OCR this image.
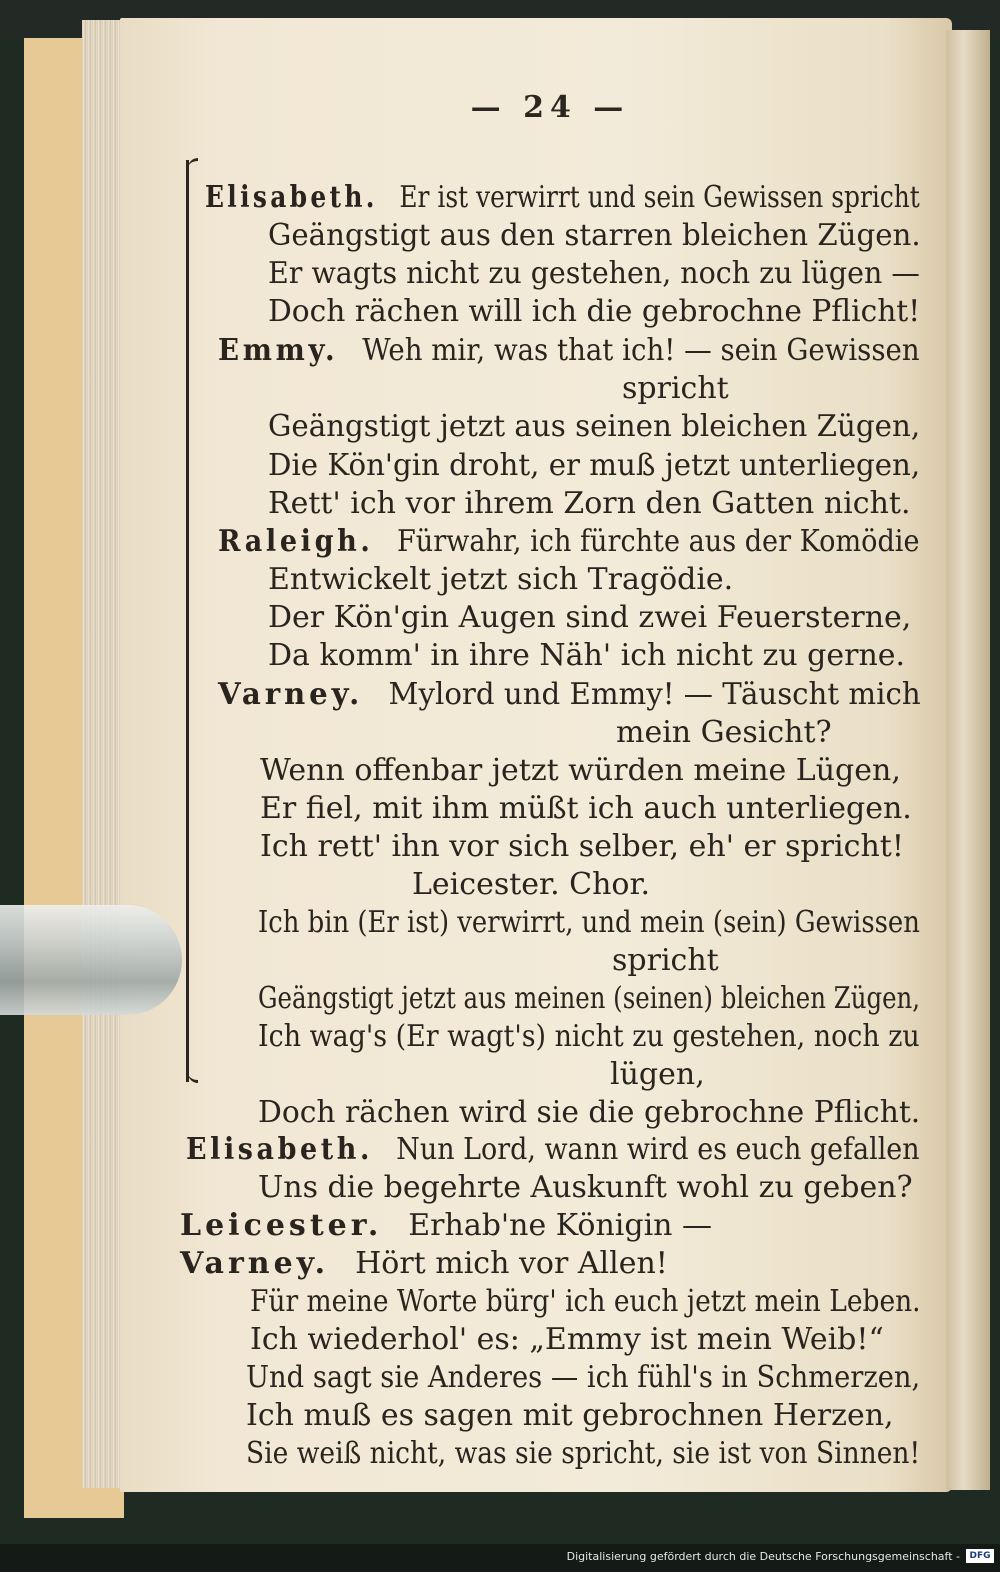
— 24 —
Elisabeth. Er ist verwirrt und sein Gewissen spricht
Geängstigt aus den starren bleichen Zügen.
Er wagts nicht zu gestehen, noch zu lügen —
Doch rächen will ich die gebrochne Pflicht!
Emmy. Weh mir, was that ich! — sein Gewissen
spricht
Geängstigt jetzt aus seinen bleichen Zügen,
Die Kön'gin droht, er muß jetzt unterliegen,
Rett' ich vor ihrem Zorn den Gatten nicht.
Raleigh. Fürwahr, ich fürchte aus der Komödie
Entwickelt jetzt sich Tragödie.
Der Kön'gin Augen sind zwei Feuersterne,
Da komm' in ihre Näh' ich nicht zu gerne.
Varney. Mylord und Emmy! — Täuscht mich
mein Gesicht?
Wenn offenbar jetzt würden meine Lügen,
Er fiel, mit ihm müßt ich auch unterliegen.
Ich rett' ihn vor sich selber, eh' er spricht!
Leicester. Chor.
Ich bin (Er ist) verwirrt, und mein (sein) Gewissen
spricht
Geängstigt jetzt aus meinen (seinen) bleichen Zügen,
Ich wag's (Er wagt's) nicht zu gestehen, noch zu
lügen,
Doch rächen wird sie die gebrochne Pflicht.
Elisabeth. Nun Lord, wann wird es euch gefallen
Uns die begehrte Auskunft wohl zu geben?
Leicester. Erhab'ne Königin —
Varney. Hört mich vor Allen!
Für meine Worte bürg' ich euch jetzt mein Leben.
Ich wiederhol' es: „Emmy ist mein Weib!“
Und sagt sie Anderes — ich fühl's in Schmerzen,
Ich muß es sagen mit gebrochnen Herzen,
Sie weiß nicht, was sie spricht, sie ist von Sinnen!
Digitalisierung gefördert durch die Deutsche Forschungsgemeinschaft -	DFG
